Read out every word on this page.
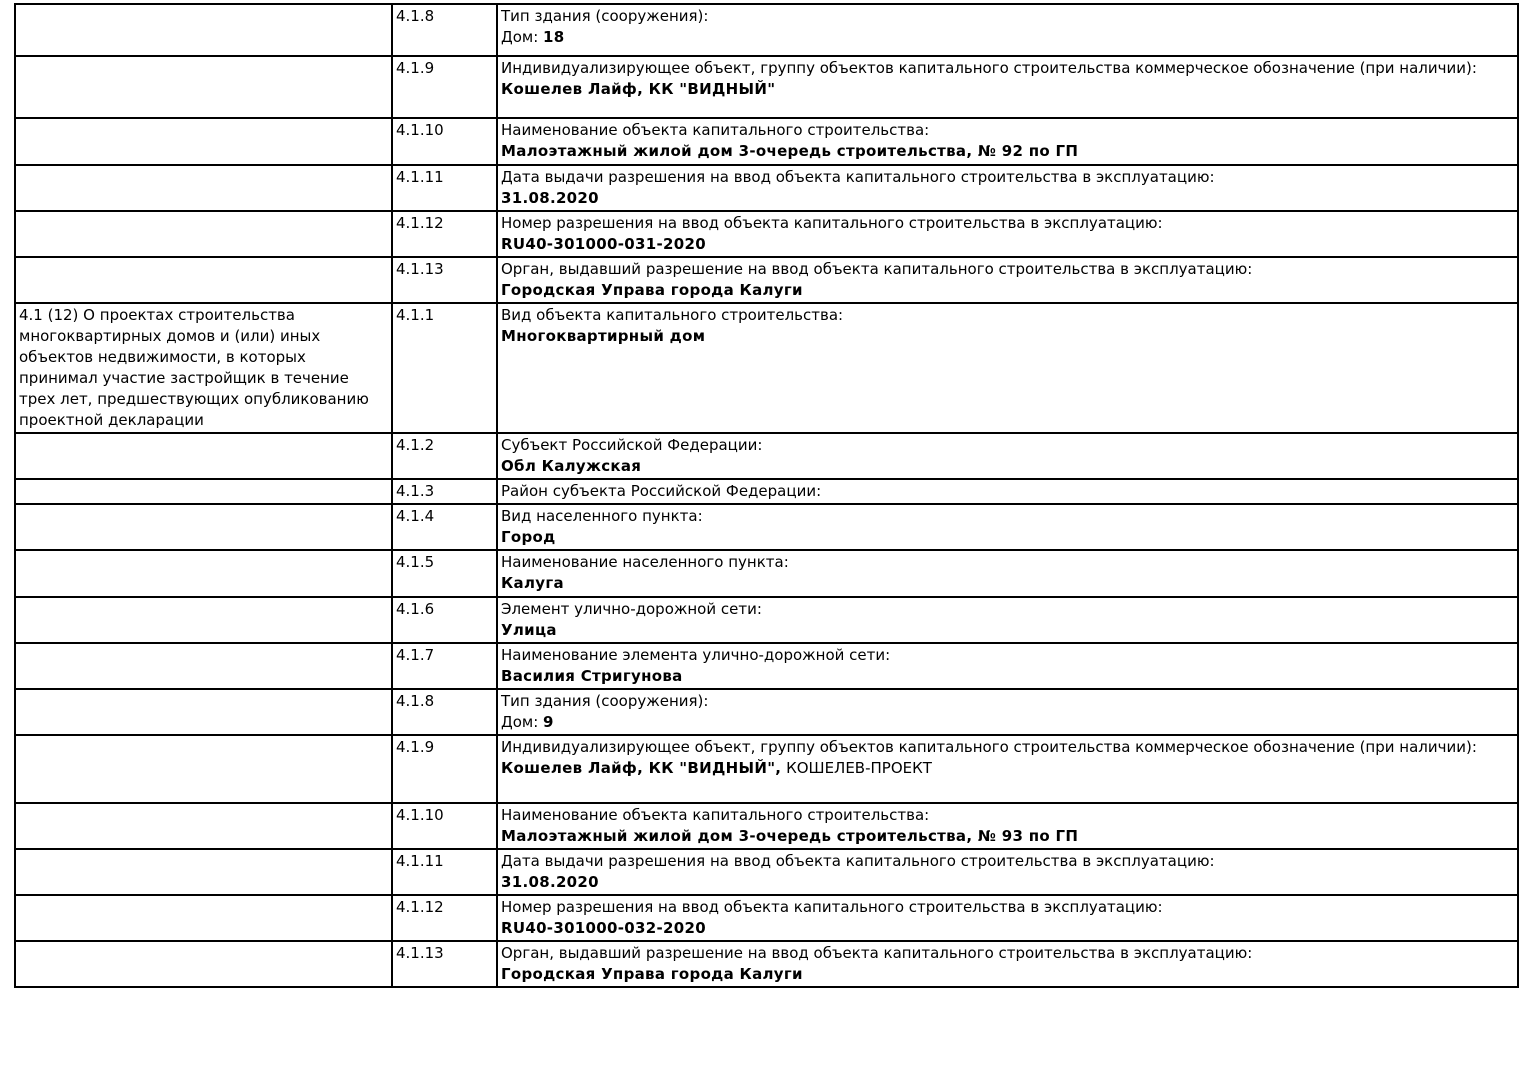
	4.1.8	Тип здания (сооружения):
Дом: 18

	4.1.9	Индивидуализирующее объект, группу объектов капитального строительства коммерческое обозначение (при наличии):
Кошелев Лайф, КК "ВИДНЫЙ"

	4.1.10	Наименование объекта капитального строительства:
Малоэтажный жилой дом 3-очередь строительства, № 92 по ГП

	4.1.11	Дата выдачи разрешения на ввод объекта капитального строительства в эксплуатацию:
31.08.2020

	4.1.12	Номер разрешения на ввод объекта капитального строительства в эксплуатацию:
RU40-301000-031-2020

	4.1.13	Орган, выдавший разрешение на ввод объекта капитального строительства в эксплуатацию:
Городская Управа города Калуги

4.1 (12) О проектах строительства многоквартирных домов и (или) иных объектов недвижимости, в которых принимал участие застройщик в течение трех лет, предшествующих опубликованию проектной декларации	4.1.1	Вид объекта капитального строительства:
Многоквартирный дом

	4.1.2	Субъект Российской Федерации:
Обл Калужская

	4.1.3	Район субъекта Российской Федерации:

	4.1.4	Вид населенного пункта:
Город

	4.1.5	Наименование населенного пункта:
Калуга

	4.1.6	Элемент улично-дорожной сети:
Улица

	4.1.7	Наименование элемента улично-дорожной сети:
Василия Стригунова

	4.1.8	Тип здания (сооружения):
Дом: 9

	4.1.9	Индивидуализирующее объект, группу объектов капитального строительства коммерческое обозначение (при наличии):
Кошелев Лайф, КК "ВИДНЫЙ", КОШЕЛЕВ-ПРОЕКТ

	4.1.10	Наименование объекта капитального строительства:
Малоэтажный жилой дом 3-очередь строительства, № 93 по ГП

	4.1.11	Дата выдачи разрешения на ввод объекта капитального строительства в эксплуатацию:
31.08.2020

	4.1.12	Номер разрешения на ввод объекта капитального строительства в эксплуатацию:
RU40-301000-032-2020

	4.1.13	Орган, выдавший разрешение на ввод объекта капитального строительства в эксплуатацию:
Городская Управа города Калуги
